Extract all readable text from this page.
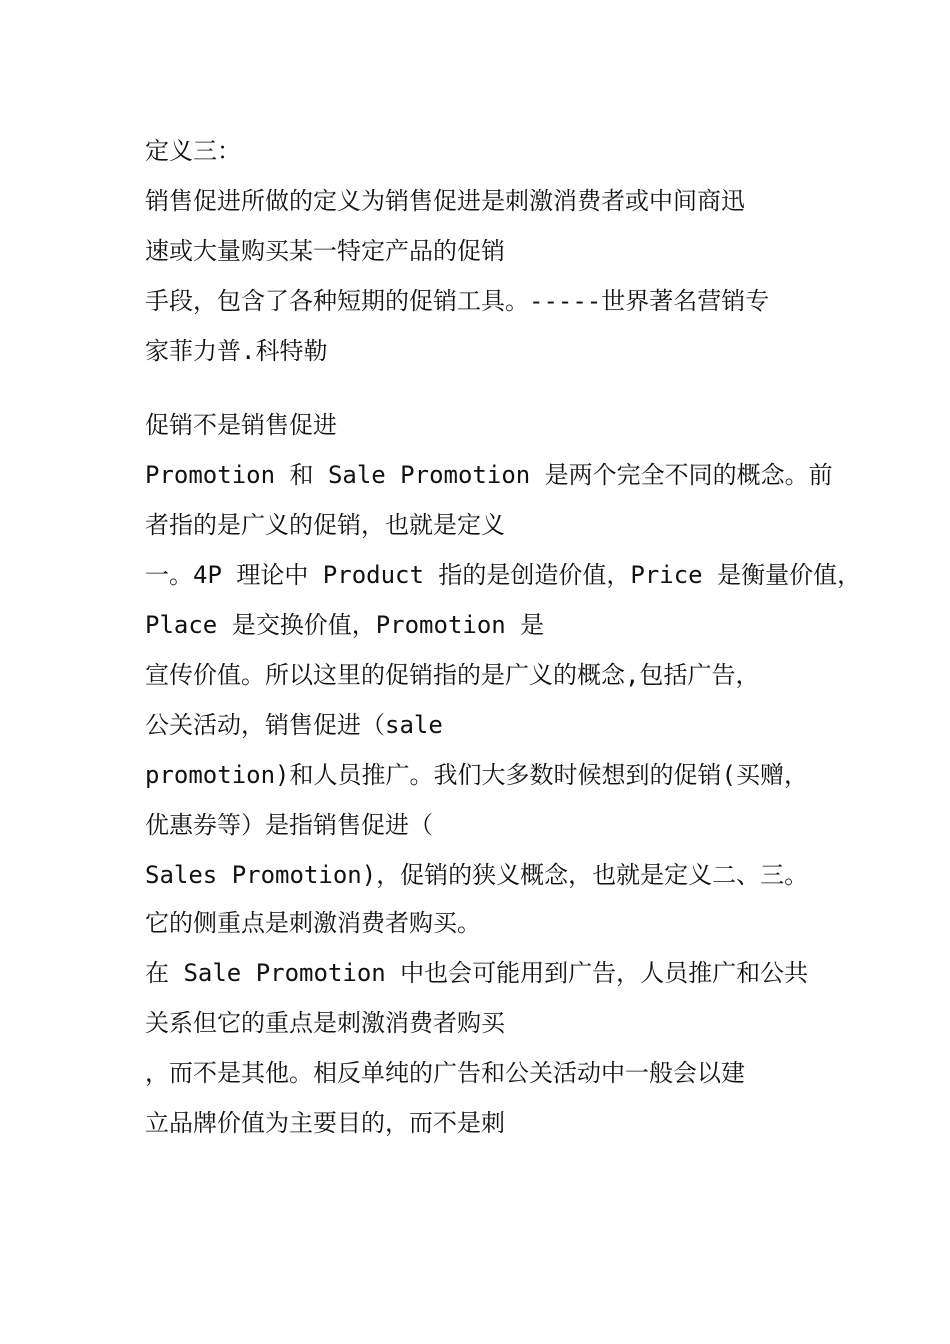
定义三：

销售促进所做的定义为销售促进是刺激消费者或中间商迅

速或大量购买某一特定产品的促销

手段，包含了各种短期的促销工具。-----世界著名营销专

家菲力普.科特勒

促销不是销售促进

Promotion 和 Sale Promotion 是两个完全不同的概念。前

者指的是广义的促销，也就是定义

一。4P 理论中 Product 指的是创造价值，Price 是衡量价值，

Place 是交换价值，Promotion 是

宣传价值。所以这里的促销指的是广义的概念,包括广告，

公关活动，销售促进（sale

promotion)和人员推广。我们大多数时候想到的促销(买赠，

优惠券等）是指销售促进（

Sales Promotion)，促销的狭义概念，也就是定义二、三。

它的侧重点是刺激消费者购买。

在 Sale Promotion 中也会可能用到广告，人员推广和公共

关系但它的重点是刺激消费者购买

，而不是其他。相反单纯的广告和公关活动中一般会以建

立品牌价值为主要目的，而不是刺
